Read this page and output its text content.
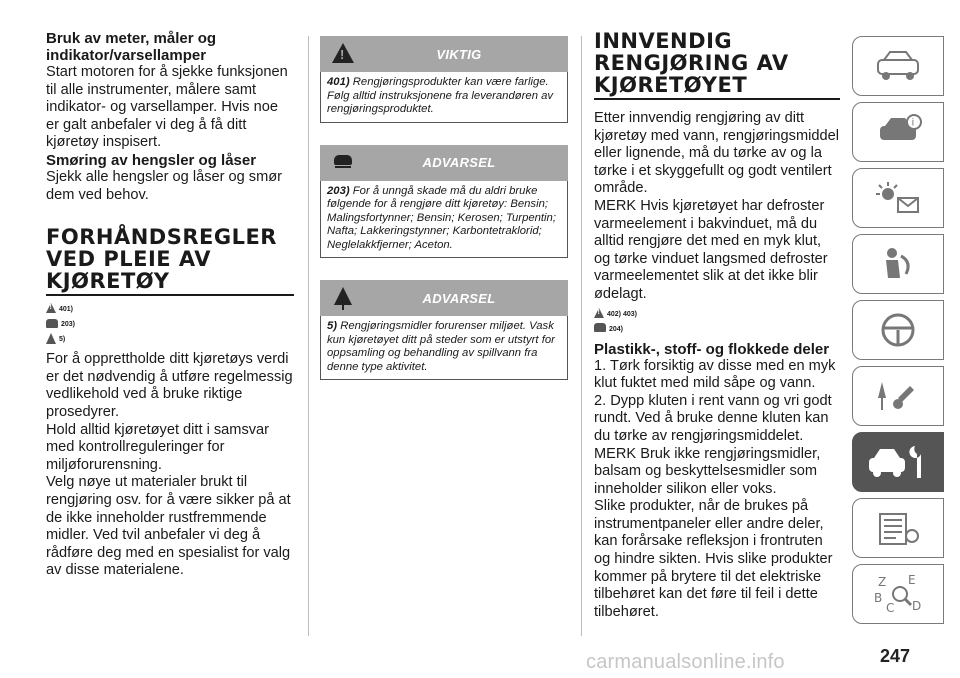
Bruk av meter, måler og indikator/varsellamper

Start motoren for å sjekke funksjonen til alle instrumenter, målere samt indikator- og varsellamper. Hvis noe er galt anbefaler vi deg å få ditt kjøretøy inspisert.

Smøring av hengsler og låser

Sjekk alle hengsler og låser og smør dem ved behov.

FORHÅNDSREGLER VED PLEIE AV KJØRETØY
!
401)
203)
5)

For å opprettholde ditt kjøretøys verdi er det nødvendig å utføre regelmessig vedlikehold ved å bruke riktige prosedyrer.

Hold alltid kjøretøyet ditt i samsvar med kontrollreguleringer for miljøforurensning.

Velg nøye ut materialer brukt til rengjøring osv. for å være sikker på at de ikke inneholder rustfremmende midler. Ved tvil anbefaler vi deg å rådføre deg med en spesialist for valg av disse materialene.

!
VIKTIG
401) Rengjøringsprodukter kan være farlige. Følg alltid instruksjonene fra leverandøren av rengjøringsproduktet.
ADVARSEL
203) For å unngå skade må du aldri bruke følgende for å rengjøre ditt kjøretøy: Bensin; Malingsfortynner; Bensin; Kerosen; Turpentin; Nafta; Lakkeringstynner; Karbontetraklorid; Neglelakkfjerner; Aceton.
ADVARSEL
5) Rengjøringsmidler forurenser miljøet. Vask kun kjøretøyet ditt på steder som er utstyrt for oppsamling og behandling av spillvann fra denne type aktivitet.
INNVENDIG RENGJØRING AV KJØRETØYET

Etter innvendig rengjøring av ditt kjøretøy med vann, rengjøringsmiddel eller lignende, må du tørke av og la tørke i et skyggefullt og godt ventilert område.

MERK Hvis kjøretøyet har defroster varmeelement i bakvinduet, må du alltid rengjøre det med en myk klut, og tørke vinduet langsmed defroster varmeelementet slik at det ikke blir ødelagt.

!
402)
403)
204)

Plastikk-, stoff- og flokkede deler

1. Tørk forsiktig av disse med en myk klut fuktet med mild såpe og vann.

2. Dypp kluten i rent vann og vri godt rundt. Ved å bruke denne kluten kan du tørke av rengjøringsmiddelet.

MERK Bruk ikke rengjøringsmidler, balsam og beskyttelsesmidler som inneholder silikon eller voks.

Slike produkter, når de brukes på instrumentpaneler eller andre deler, kan forårsake refleksjon i frontruten og hindre sikten. Hvis slike produkter kommer på brytere til det elektriske tilbehøret kan det føre til feil i dette tilbehøret.

i
Z E
B
C D
carmanualsonline.info	247
